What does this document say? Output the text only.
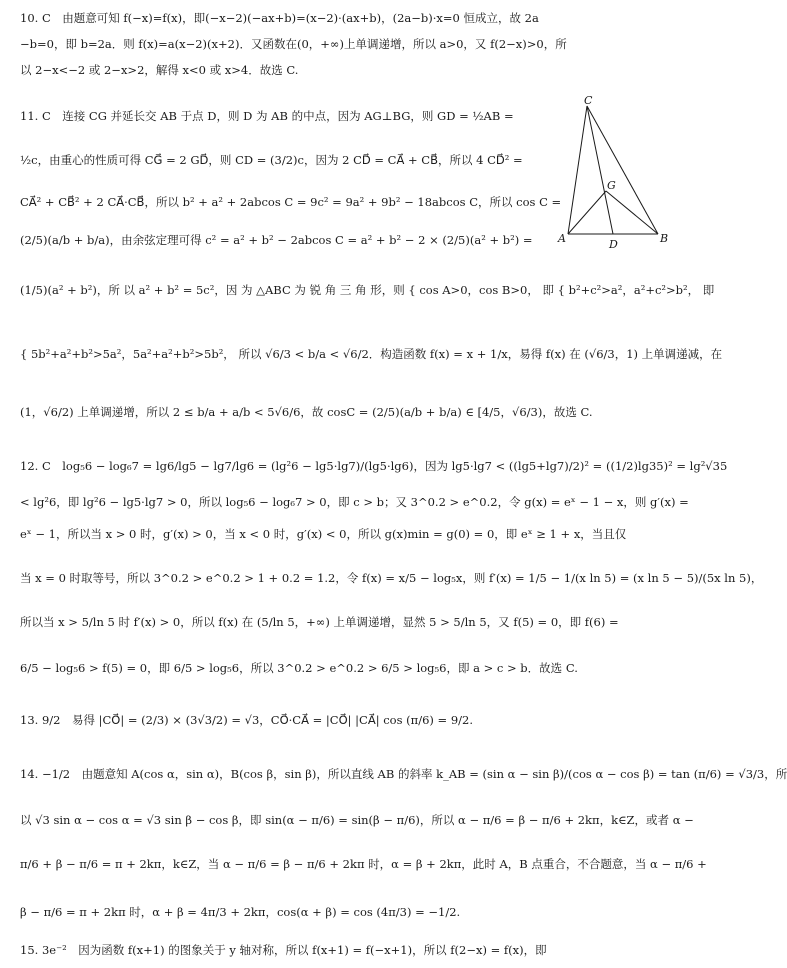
10. C　由题意可知 f(−x)=f(x)，即(−x−2)(−ax+b)=(x−2)·(ax+b)，(2a−b)·x=0 恒成立，故 2a
−b=0，即 b=2a．则 f(x)=a(x−2)(x+2)．又函数在(0，+∞)上单调递增，所以 a>0，又 f(2−x)>0，所
以 2−x<−2 或 2−x>2，解得 x<0 或 x>4．故选 C.
11. C　连接 CG 并延长交 AB 于点 D，则 D 为 AB 的中点，因为 AG⊥BG，则 GD = ½AB =
½c，由重心的性质可得 CG⃗ = 2 GD⃗，则 CD = (3/2)c，因为 2 CD⃗ = CA⃗ + CB⃗，所以 4 CD⃗² =
CA⃗² + CB⃗² + 2 CA⃗·CB⃗，所以 b² + a² + 2abcos C = 9c² = 9a² + 9b² − 18abcos C，所以 cos C =
(2/5)(a/b + b/a)，由余弦定理可得 c² = a² + b² − 2abcos C = a² + b² − 2 × (2/5)(a² + b²) =
(1/5)(a² + b²)，所 以 a² + b² = 5c²，因 为 △ABC 为 锐 角 三 角 形，则 { cos A>0，cos B>0， 即 { b²+c²>a²，a²+c²>b²， 即
{ 5b²+a²+b²>5a²，5a²+a²+b²>5b²， 所以 √6/3 < b/a < √6/2．构造函数 f(x) = x + 1/x，易得 f(x) 在 (√6/3，1) 上单调递减，在
(1，√6/2) 上单调递增，所以 2 ≤ b/a + a/b < 5√6/6，故 cosC = (2/5)(a/b + b/a) ∈ [4/5，√6/3)，故选 C.
C
A	B
G
D
12. C　log₅6 − log₆7 = lg6/lg5 − lg7/lg6 = (lg²6 − lg5·lg7)/(lg5·lg6)，因为 lg5·lg7 < ((lg5+lg7)/2)² = ((1/2)lg35)² = lg²√35
< lg²6，即 lg²6 − lg5·lg7 > 0，所以 log₅6 − log₆7 > 0，即 c > b；又 3^0.2 > e^0.2，令 g(x) = eˣ − 1 − x，则 g′(x) =
eˣ − 1，所以当 x > 0 时，g′(x) > 0，当 x < 0 时，g′(x) < 0，所以 g(x)min = g(0) = 0，即 eˣ ≥ 1 + x，当且仅
当 x = 0 时取等号，所以 3^0.2 > e^0.2 > 1 + 0.2 = 1.2，令 f(x) = x/5 − log₅x，则 f′(x) = 1/5 − 1/(x ln 5) = (x ln 5 − 5)/(5x ln 5)，
所以当 x > 5/ln 5 时 f′(x) > 0，所以 f(x) 在 (5/ln 5，+∞) 上单调递增，显然 5 > 5/ln 5，又 f(5) = 0，即 f(6) =
6/5 − log₅6 > f(5) = 0，即 6/5 > log₅6，所以 3^0.2 > e^0.2 > 6/5 > log₅6，即 a > c > b．故选 C.
13. 9/2　易得 |CO⃗| = (2/3) × (3√3/2) = √3，CO⃗·CA⃗ = |CO⃗| |CA⃗| cos (π/6) = 9/2.
14. −1/2　由题意知 A(cos α，sin α)，B(cos β，sin β)，所以直线 AB 的斜率 k_AB = (sin α − sin β)/(cos α − cos β) = tan (π/6) = √3/3，所
以 √3 sin α − cos α = √3 sin β − cos β，即 sin(α − π/6) = sin(β − π/6)，所以 α − π/6 = β − π/6 + 2kπ，k∈Z，或者 α −
π/6 + β − π/6 = π + 2kπ，k∈Z，当 α − π/6 = β − π/6 + 2kπ 时，α = β + 2kπ，此时 A，B 点重合，不合题意，当 α − π/6 +
β − π/6 = π + 2kπ 时，α + β = 4π/3 + 2kπ，cos(α + β) = cos (4π/3) = −1/2.
15. 3e⁻²　因为函数 f(x+1) 的图象关于 y 轴对称，所以 f(x+1) = f(−x+1)，所以 f(2−x) = f(x)，即
